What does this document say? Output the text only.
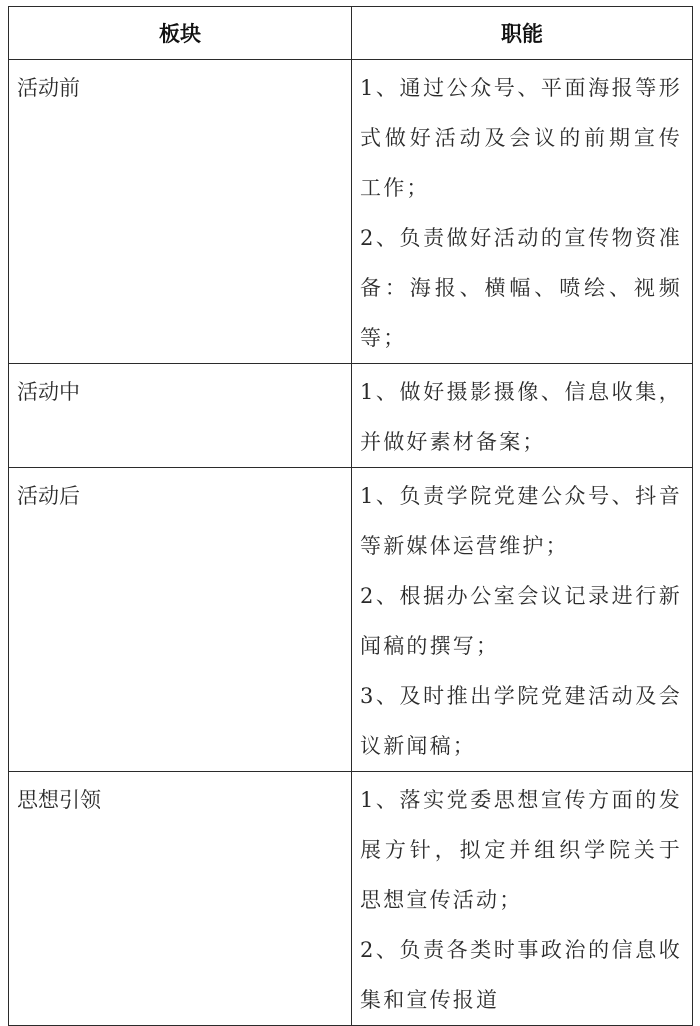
板块	职能

活动前	1、通过公众号、平面海报等形式做好活动及会议的前期宣传工作；
2、负责做好活动的宣传物资准备：海报、横幅、喷绘、视频等；

活动中	1、做好摄影摄像、信息收集，并做好素材备案；

活动后	1、负责学院党建公众号、抖音等新媒体运营维护；
2、根据办公室会议记录进行新闻稿的撰写；
3、及时推出学院党建活动及会议新闻稿；

思想引领	1、落实党委思想宣传方面的发展方针，拟定并组织学院关于思想宣传活动；
2、负责各类时事政治的信息收集和宣传报道
